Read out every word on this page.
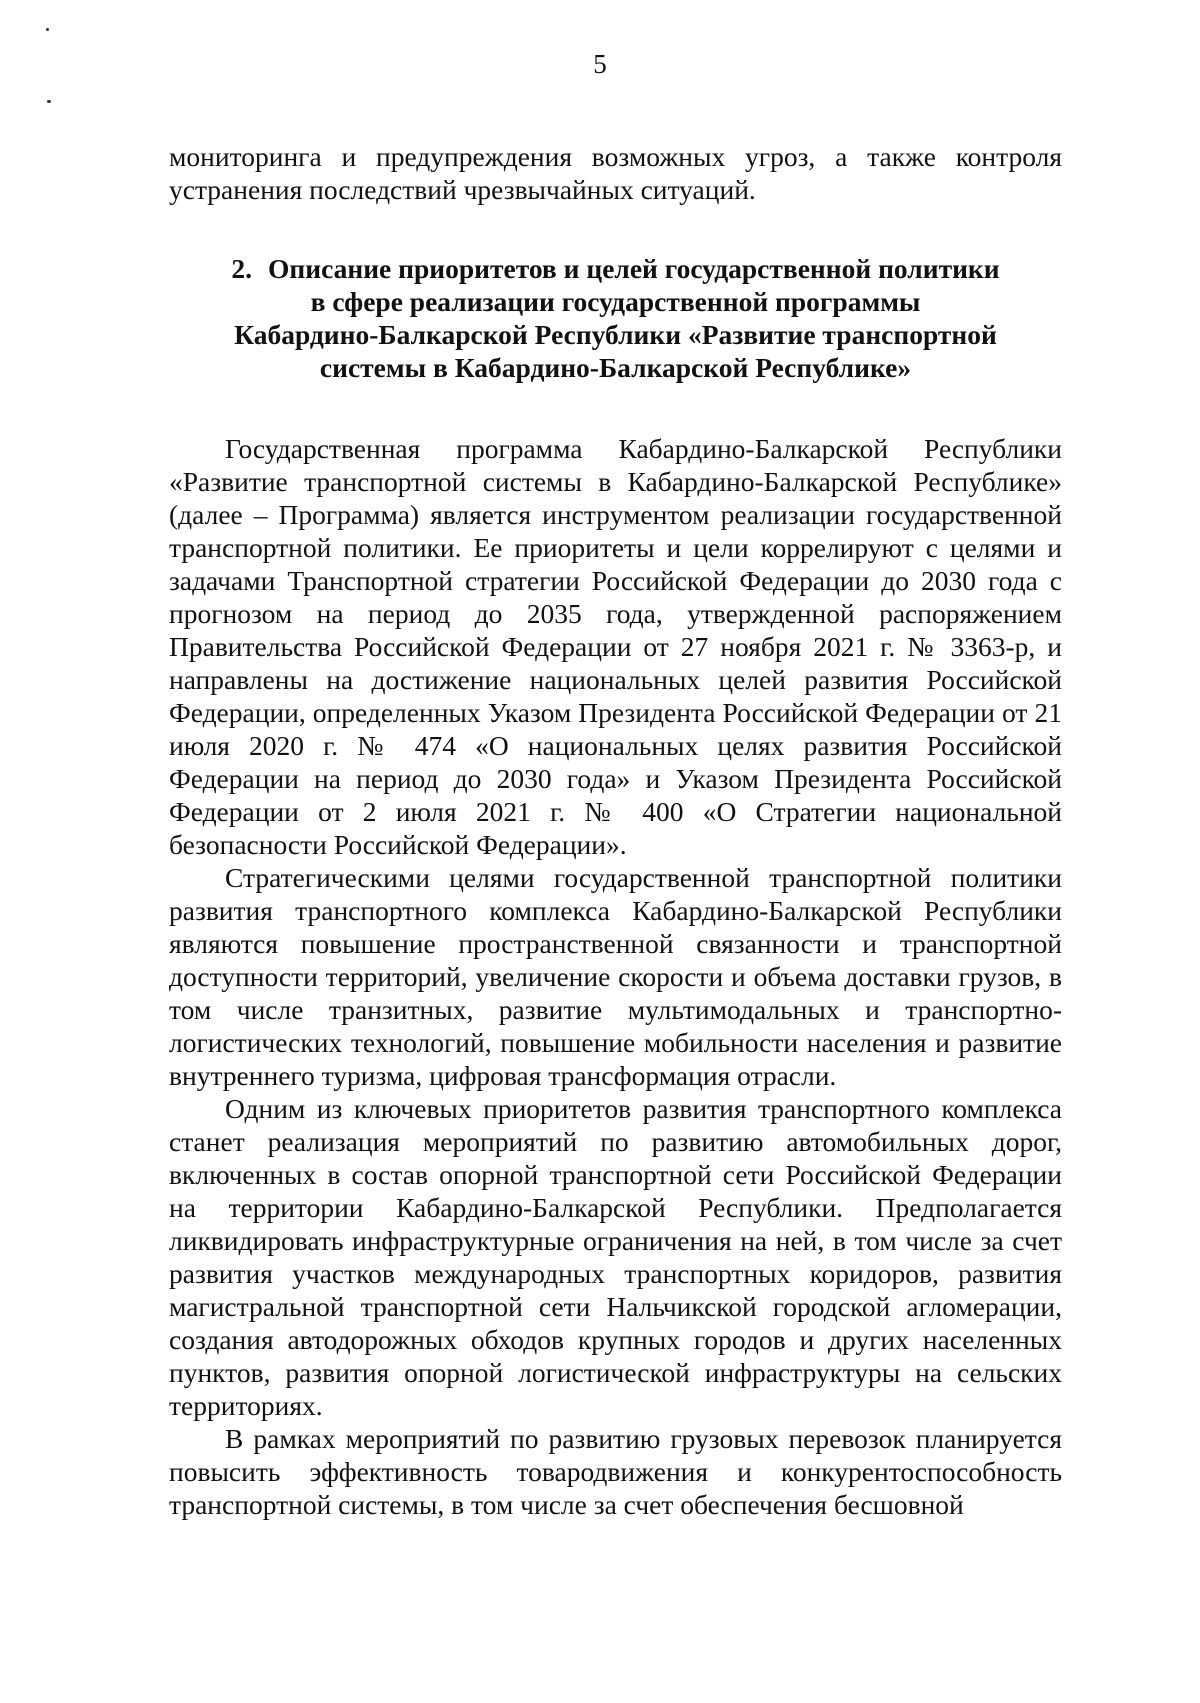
5

мониторинга и предупреждения возможных угроз, а также контроля устранения последствий чрезвычайных ситуаций.

2. Описание приоритетов и целей государственной политики
в сфере реализации государственной программы
Кабардино-Балкарской Республики «Развитие транспортной
системы в Кабардино-Балкарской Республике»

Государственная программа Кабардино-Балкарской Республики «Развитие транспортной системы в Кабардино-Балкарской Республике» (далее – Программа) является инструментом реализации государственной транспортной политики. Ее приоритеты и цели коррелируют с целями и задачами Транспортной стратегии Российской Федерации до 2030 года с прогнозом на период до 2035 года, утвержденной распоряжением Правительства Российской Федерации от 27 ноября 2021 г. № 3363-р, и направлены на достижение национальных целей развития Российской Федерации, определенных Указом Президента Российской Федерации от 21 июля 2020 г. № 474 «О национальных целях развития Российской Федерации на период до 2030 года» и Указом Президента Российской Федерации от 2 июля 2021 г. № 400 «О Стратегии национальной безопасности Российской Федерации».

Стратегическими целями государственной транспортной политики развития транспортного комплекса Кабардино-Балкарской Республики являются повышение пространственной связанности и транспортной доступности территорий, увеличение скорости и объема доставки грузов, в том числе транзитных, развитие мультимодальных и транспортно-логистических технологий, повышение мобильности населения и развитие внутреннего туризма, цифровая трансформация отрасли.

Одним из ключевых приоритетов развития транспортного комплекса станет реализация мероприятий по развитию автомобильных дорог, включенных в состав опорной транспортной сети Российской Федерации на территории Кабардино-Балкарской Республики. Предполагается ликвидировать инфраструктурные ограничения на ней, в том числе за счет развития участков международных транспортных коридоров, развития магистральной транспортной сети Нальчикской городской агломерации, создания автодорожных обходов крупных городов и других населенных пунктов, развития опорной логистической инфраструктуры на сельских территориях.

В рамках мероприятий по развитию грузовых перевозок планируется повысить эффективность товародвижения и конкурентоспособность транспортной системы, в том числе за счет обеспечения бесшовной
